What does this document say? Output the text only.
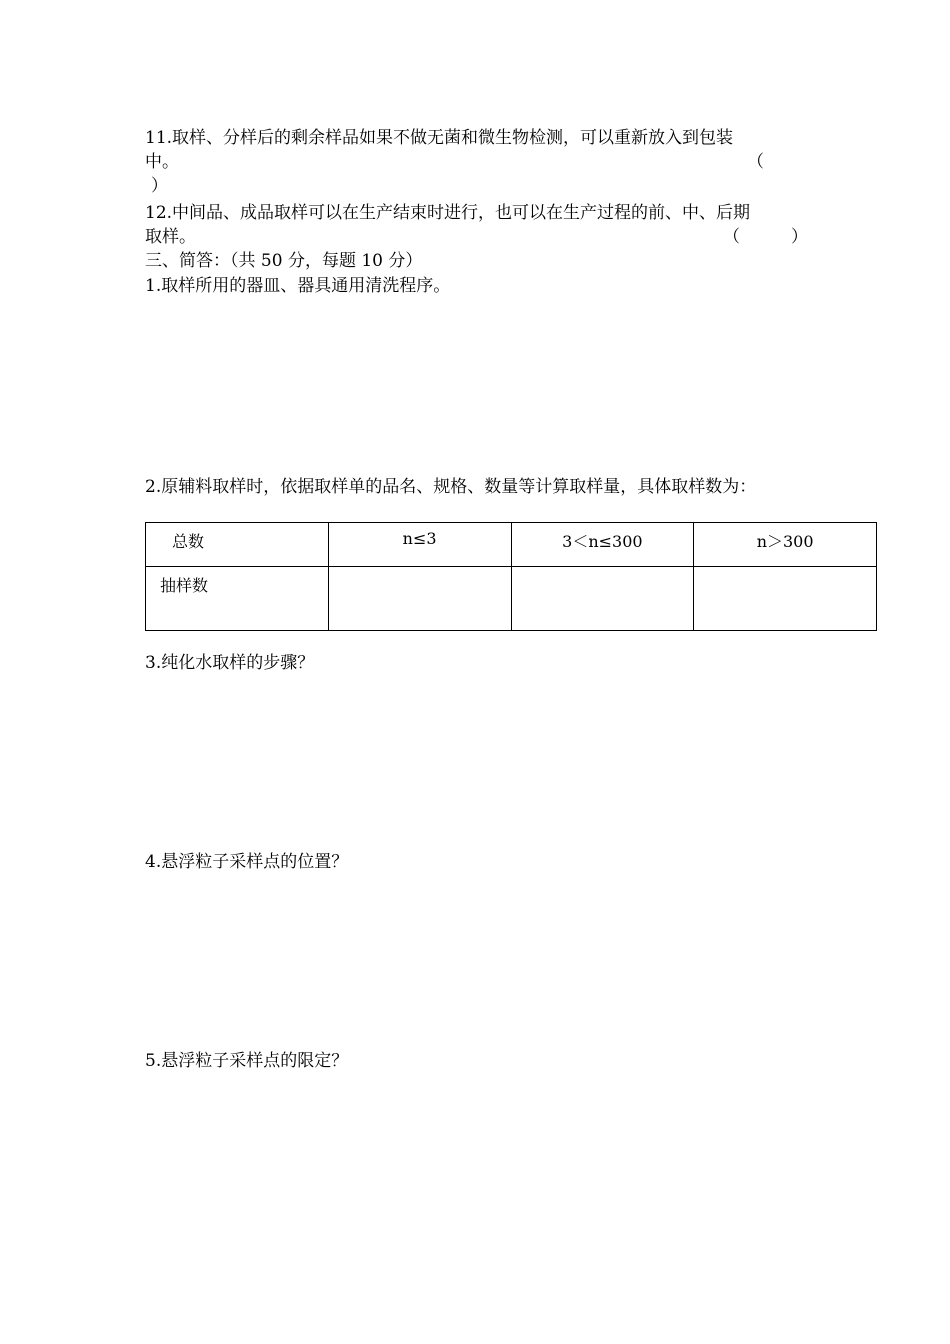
11.取样、分样后的剩余样品如果不做无菌和微生物检测，可以重新放入到包装
中。	（
）
12.中间品、成品取样可以在生产结束时进行，也可以在生产过程的前、中、后期
取样。	（　　　）
三、简答：（共 50 分，每题 10 分）
1.取样所用的器皿、器具通用清洗程序。
2.原辅料取样时，依据取样单的品名、规格、数量等计算取样量，具体取样数为：
总数	n≤3	3＜n≤300	n＞300

抽样数			

3.纯化水取样的步骤？
4.悬浮粒子采样点的位置？
5.悬浮粒子采样点的限定？
